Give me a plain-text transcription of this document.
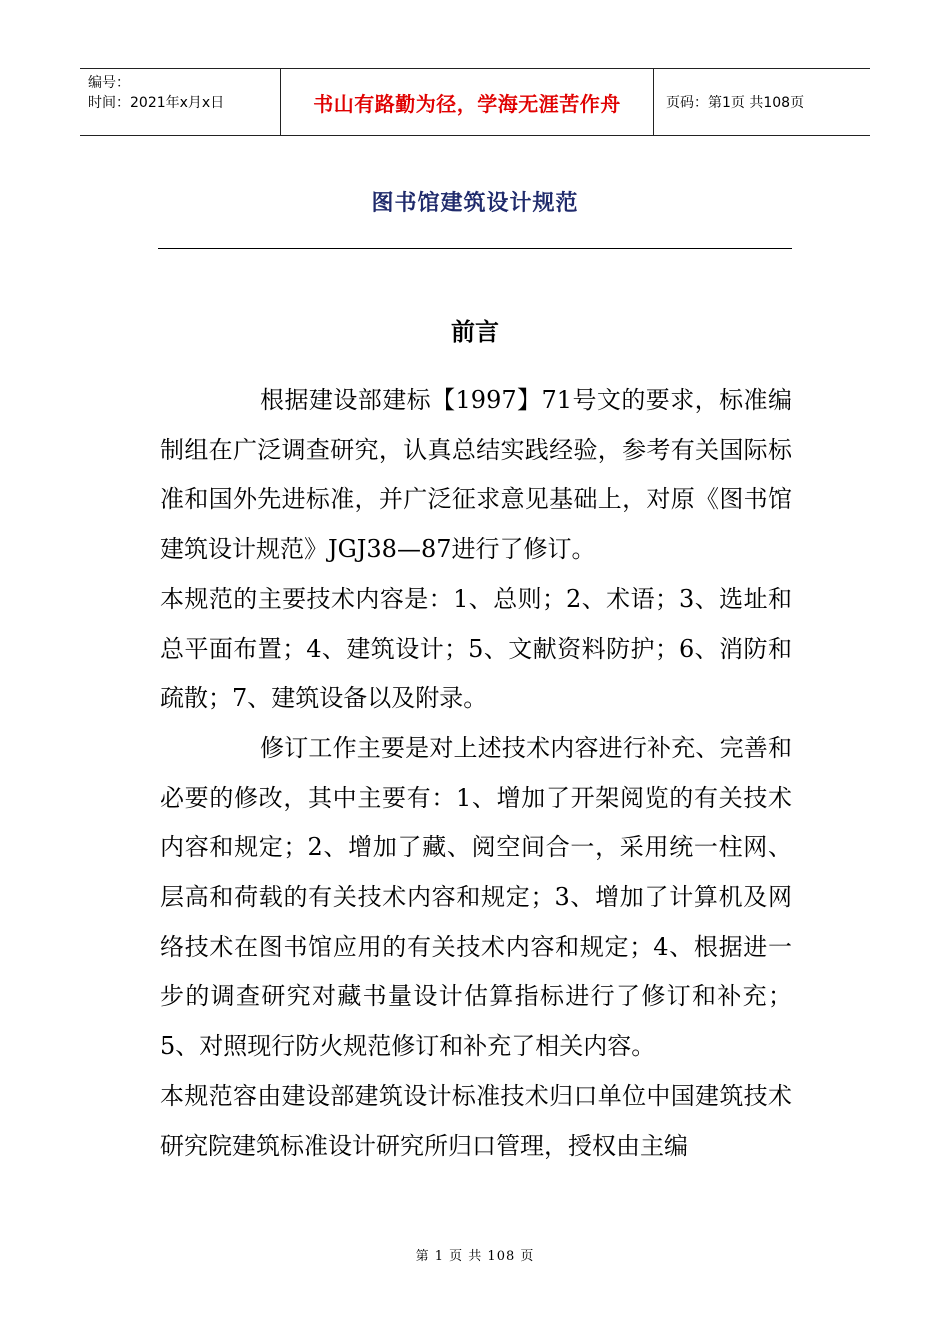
编号：
时间：2021年x月x日	书山有路勤为径，学海无涯苦作舟	页码：第1页 共108页
图书馆建筑设计规范
前言

根据建设部建标【1997】71号文的要求，标准编制组在广泛调查研究，认真总结实践经验，参考有关国际标准和国外先进标准，并广泛征求意见基础上，对原《图书馆建筑设计规范》JGJ38—87进行了修订。

本规范的主要技术内容是：1、总则；2、术语；3、选址和总平面布置；4、建筑设计；5、文献资料防护；6、消防和疏散；7、建筑设备以及附录。

修订工作主要是对上述技术内容进行补充、完善和必要的修改，其中主要有：1、增加了开架阅览的有关技术内容和规定；2、增加了藏、阅空间合一，采用统一柱网、层高和荷载的有关技术内容和规定；3、增加了计算机及网络技术在图书馆应用的有关技术内容和规定；4、根据进一步的调查研究对藏书量设计估算指标进行了修订和补充；5、对照现行防火规范修订和补充了相关内容。

本规范容由建设部建筑设计标准技术归口单位中国建筑技术研究院建筑标准设计研究所归口管理，授权由主编

第 1 页 共 108 页
